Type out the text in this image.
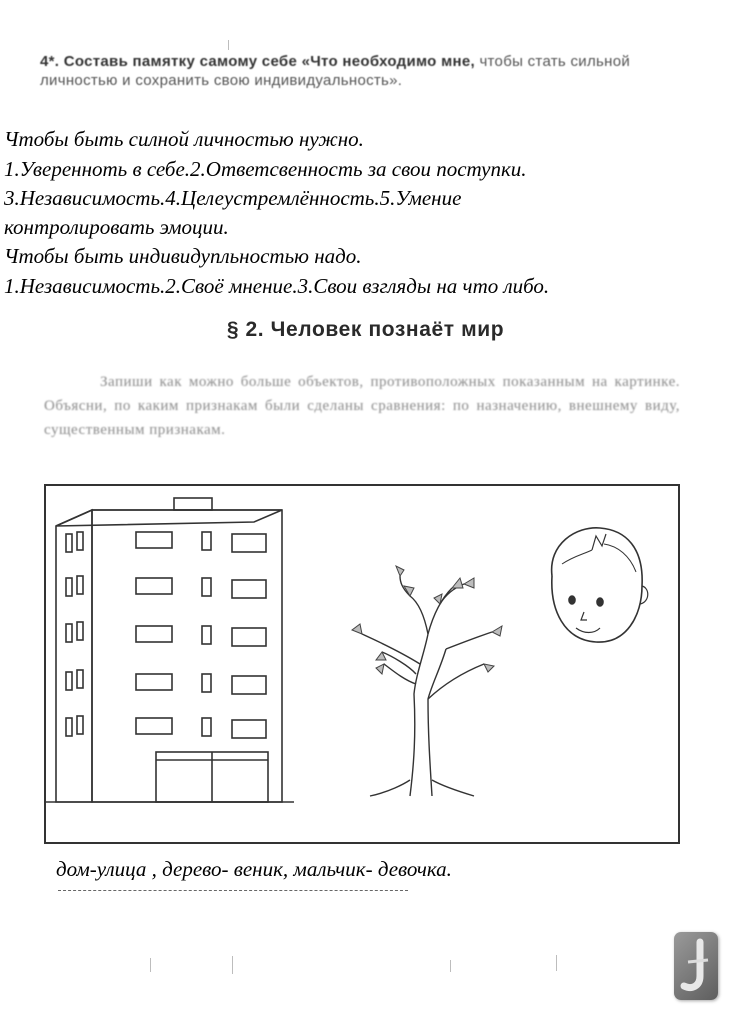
4*. Составь памятку самому себе «Что необходимо мне, чтобы стать сильной личностью и сохранить свою индивидуальность».
Чтобы быть силной личностью нужно.
1.Увереннoть в себе.2.Ответсвенность за свои поступки.
3.Независимость.4.Целеустремлённость.5.Умение
контролировать эмоции.
Чтобы быть индивидупльностью надо.
1.Независимость.2.Своё мнение.3.Свои взгляды на что либо.
§ 2. Человек познаёт мир
Запиши как можно больше объектов, противоположных показанным на картинке. Объясни, по каким признакам были сделаны сравнения: по назначению, внешнему виду, существенным признакам.
дом-улица , дерево- веник, мальчик- девочка.
